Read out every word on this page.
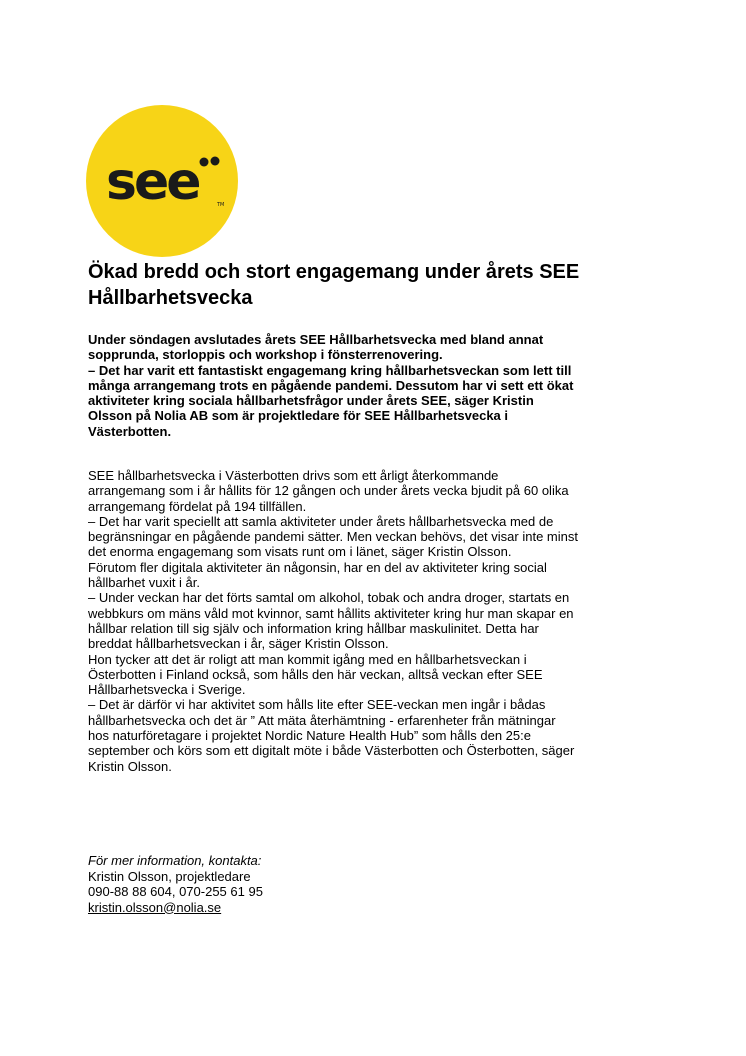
see	TM
Ökad bredd och stort engagemang under årets SEE
Hållbarhetsvecka
Under söndagen avslutades årets SEE Hållbarhetsvecka med bland annat
sopprunda, storloppis och workshop i fönsterrenovering.
– Det har varit ett fantastiskt engagemang kring hållbarhetsveckan som lett till
många arrangemang trots en pågående pandemi. Dessutom har vi sett ett ökat
aktiviteter kring sociala hållbarhetsfrågor under årets SEE, säger Kristin
Olsson på Nolia AB som är projektledare för SEE Hållbarhetsvecka i
Västerbotten.
SEE hållbarhetsvecka i Västerbotten drivs som ett årligt återkommande
arrangemang som i år hållits för 12 gången och under årets vecka bjudit på 60 olika
arrangemang fördelat på 194 tillfällen.
– Det har varit speciellt att samla aktiviteter under årets hållbarhetsvecka med de
begränsningar en pågående pandemi sätter. Men veckan behövs, det visar inte minst
det enorma engagemang som visats runt om i länet, säger Kristin Olsson.
Förutom fler digitala aktiviteter än någonsin, har en del av aktiviteter kring social
hållbarhet vuxit i år.
– Under veckan har det förts samtal om alkohol, tobak och andra droger, startats en
webbkurs om mäns våld mot kvinnor, samt hållits aktiviteter kring hur man skapar en
hållbar relation till sig själv och information kring hållbar maskulinitet. Detta har
breddat hållbarhetsveckan i år, säger Kristin Olsson.
Hon tycker att det är roligt att man kommit igång med en hållbarhetsveckan i
Österbotten i Finland också, som hålls den här veckan, alltså veckan efter SEE
Hållbarhetsvecka i Sverige.
– Det är därför vi har aktivitet som hålls lite efter SEE-veckan men ingår i bådas
hållbarhetsvecka och det är ” Att mäta återhämtning - erfarenheter från mätningar
hos naturföretagare i projektet Nordic Nature Health Hub” som hålls den 25:e
september och körs som ett digitalt möte i både Västerbotten och Österbotten, säger
Kristin Olsson.
För mer information, kontakta:
Kristin Olsson, projektledare
090-88 88 604, 070-255 61 95
kristin.olsson@nolia.se
